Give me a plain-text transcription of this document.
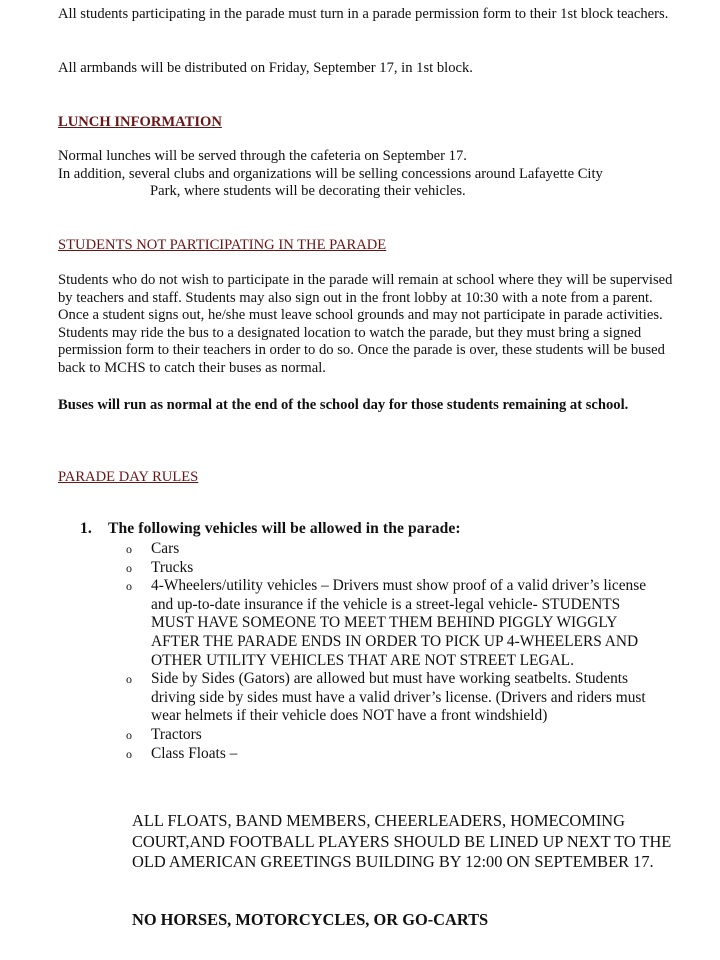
All students participating in the parade must turn in a parade permission form to their 1st block teachers.

All armbands will be distributed on Friday, September 17, in 1st block.

LUNCH INFORMATION

Normal lunches will be served through the cafeteria on September 17.
In addition, several clubs and organizations will be selling concessions around Lafayette City

Park, where students will be decorating their vehicles.

STUDENTS NOT PARTICIPATING IN THE PARADE

Students who do not wish to participate in the parade will remain at school where they will be supervised by teachers and staff. Students may also sign out in the front lobby at 10:30 with a note from a parent. Once a student signs out, he/she must leave school grounds and may not participate in parade activities. Students may ride the bus to a designated location to watch the parade, but they must bring a signed permission form to their teachers in order to do so. Once the parade is over, these students will be bused back to MCHS to catch their buses as normal.

Buses will run as normal at the end of the school day for those students remaining at school.

PARADE DAY RULES

1. The following vehicles will be allowed in the parade:

o Cars
o Trucks
o 4-Wheelers/utility vehicles – Drivers must show proof of a valid driver’s license and up-to-date insurance if the vehicle is a street-legal vehicle- STUDENTS MUST HAVE SOMEONE TO MEET THEM BEHIND PIGGLY WIGGLY AFTER THE PARADE ENDS IN ORDER TO PICK UP 4-WHEELERS AND OTHER UTILITY VEHICLES THAT ARE NOT STREET LEGAL.
o Side by Sides (Gators) are allowed but must have working seatbelts. Students driving side by sides must have a valid driver’s license. (Drivers and riders must wear helmets if their vehicle does NOT have a front windshield)
o Tractors
o Class Floats –

ALL FLOATS, BAND MEMBERS, CHEERLEADERS, HOMECOMING COURT,AND FOOTBALL PLAYERS SHOULD BE LINED UP NEXT TO THE OLD AMERICAN GREETINGS BUILDING BY 12:00 ON SEPTEMBER 17.

NO HORSES, MOTORCYCLES, OR GO-CARTS
